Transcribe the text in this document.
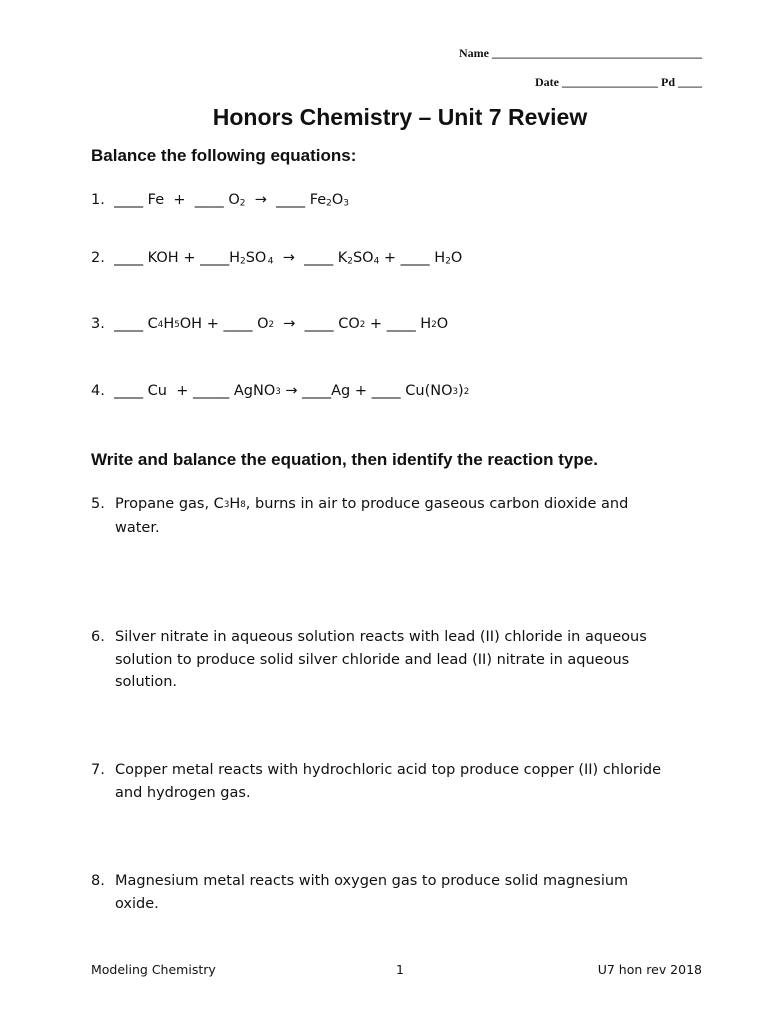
Name ___________________________________
Date ________________ Pd ____
Honors Chemistry – Unit 7 Review
Balance the following equations:
1. ____ Fe + ____ $O_2$ → ____ $Fe_2O_3$
2. ____ KOH + $\_\_\_\_H_2SO$ $_4$ → ____ $K_2SO_4$ + ____ $H_2O$
3. ____ $C^4H^5OH$ + ____ $O^2$ → ____ $CO^2$ + ____ $H^2O$
4. ____ Cu + _____ AgNO$^3$ → ____Ag + ____ $Cu(NO^3)^2$
Write and balance the equation, then identify the reaction type.
5. Propane gas, $C^3H^8$, burns in air to produce gaseous carbon dioxide and
water.
6. Silver nitrate in aqueous solution reacts with lead (II) chloride in aqueous
solution to produce solid silver chloride and lead (II) nitrate in aqueous
solution.
7. Copper metal reacts with hydrochloric acid top produce copper (II) chloride
and hydrogen gas.
8. Magnesium metal reacts with oxygen gas to produce solid magnesium
oxide.
Modeling Chemistry	1	U7 hon rev 2018
